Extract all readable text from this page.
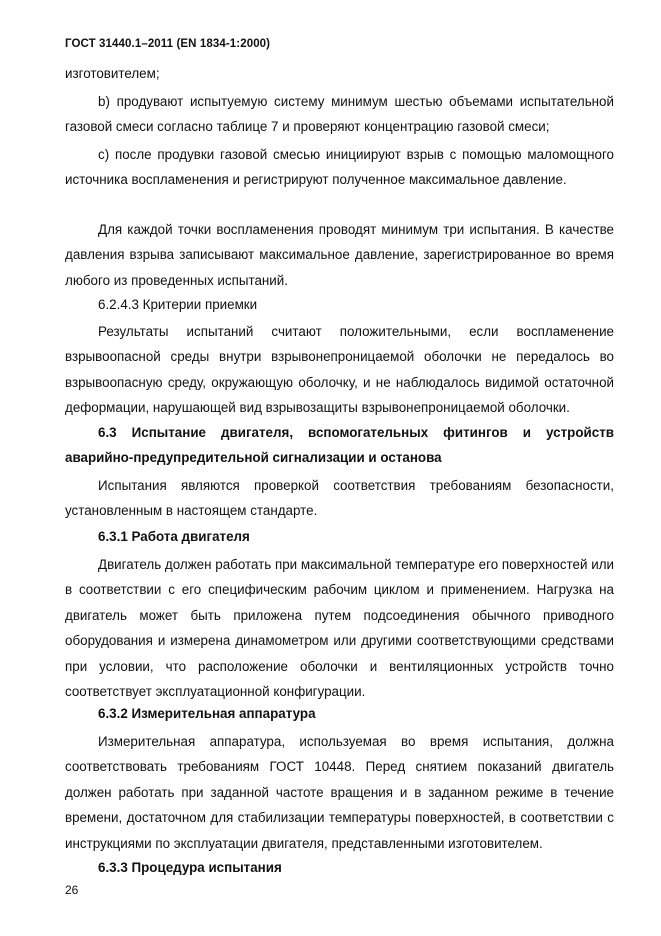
ГОСТ 31440.1–2011 (EN 1834-1:2000)

изготовителем;

b) продувают испытуемую систему минимум шестью объемами испытательной газовой смеси согласно таблице 7 и проверяют концентрацию газовой смеси;

c) после продувки газовой смесью инициируют взрыв с помощью маломощного источника воспламенения и регистрируют полученное максимальное давление.

Для каждой точки воспламенения проводят минимум три испытания. В качестве давления взрыва записывают максимальное давление, зарегистрированное во время любого из проведенных испытаний.

6.2.4.3 Критерии приемки

Результаты испытаний считают положительными, если воспламенение взрывоопасной среды внутри взрывонепроницаемой оболочки не передалось во взрывоопасную среду, окружающую оболочку, и не наблюдалось видимой остаточной деформации, нарушающей вид взрывозащиты взрывонепроницаемой оболочки.

6.3 Испытание двигателя, вспомогательных фитингов и устройств аварийно-предупредительной сигнализации и останова

Испытания являются проверкой соответствия требованиям безопасности, установленным в настоящем стандарте.

6.3.1 Работа двигателя

Двигатель должен работать при максимальной температуре его поверхностей или в соответствии с его специфическим рабочим циклом и применением. Нагрузка на двигатель может быть приложена путем подсоединения обычного приводного оборудования и измерена динамометром или другими соответствующими средствами при условии, что расположение оболочки и вентиляционных устройств точно соответствует эксплуатационной конфигурации.

6.3.2 Измерительная аппаратура

Измерительная аппаратура, используемая во время испытания, должна соответствовать требованиям ГОСТ 10448. Перед снятием показаний двигатель должен работать при заданной частоте вращения и в заданном режиме в течение времени, достаточном для стабилизации температуры поверхностей, в соответствии с инструкциями по эксплуатации двигателя, представленными изготовителем.

6.3.3 Процедура испытания

26
